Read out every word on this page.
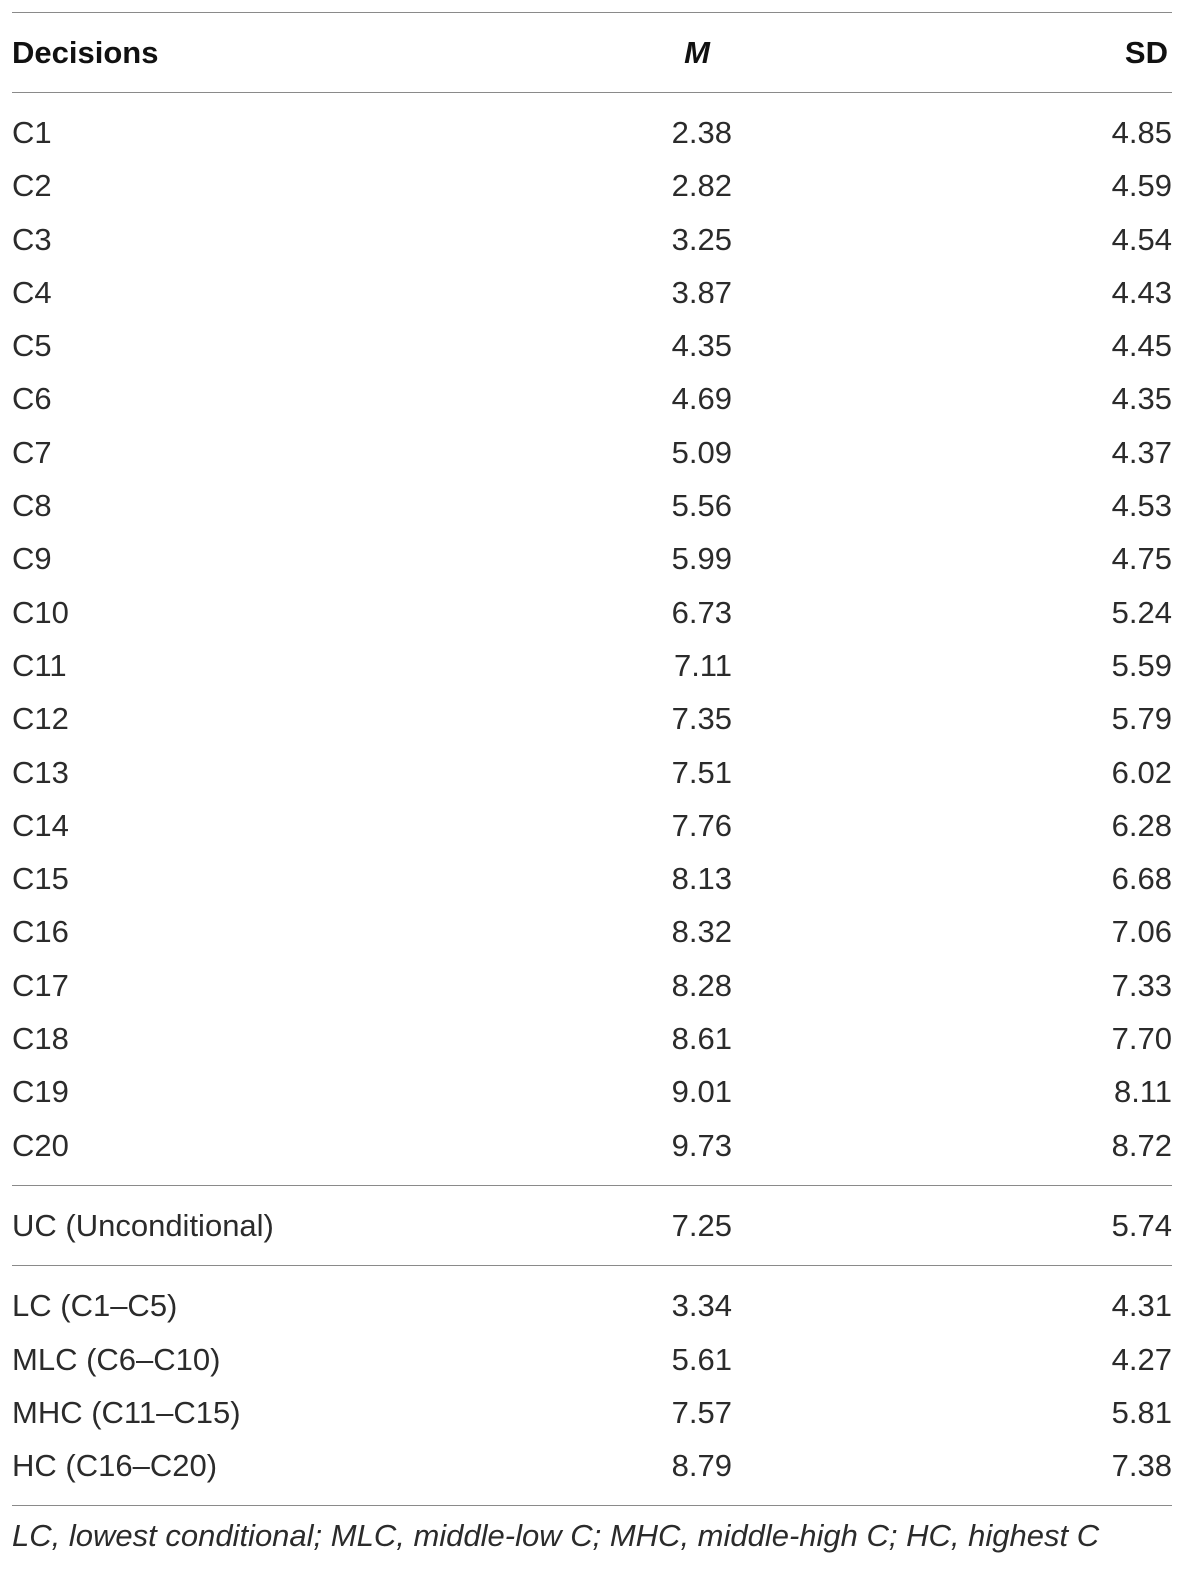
Decisions	M	SD
C1	2.38	4.85
C2	2.82	4.59
C3	3.25	4.54
C4	3.87	4.43
C5	4.35	4.45
C6	4.69	4.35
C7	5.09	4.37
C8	5.56	4.53
C9	5.99	4.75
C10	6.73	5.24
C11	7.11	5.59
C12	7.35	5.79
C13	7.51	6.02
C14	7.76	6.28
C15	8.13	6.68
C16	8.32	7.06
C17	8.28	7.33
C18	8.61	7.70
C19	9.01	8.11
C20	9.73	8.72
UC (Unconditional)	7.25	5.74
LC (C1–C5)	3.34	4.31
MLC (C6–C10)	5.61	4.27
MHC (C11–C15)	7.57	5.81
HC (C16–C20)	8.79	7.38
LC, lowest conditional; MLC, middle-low C; MHC, middle-high C; HC, highest C
